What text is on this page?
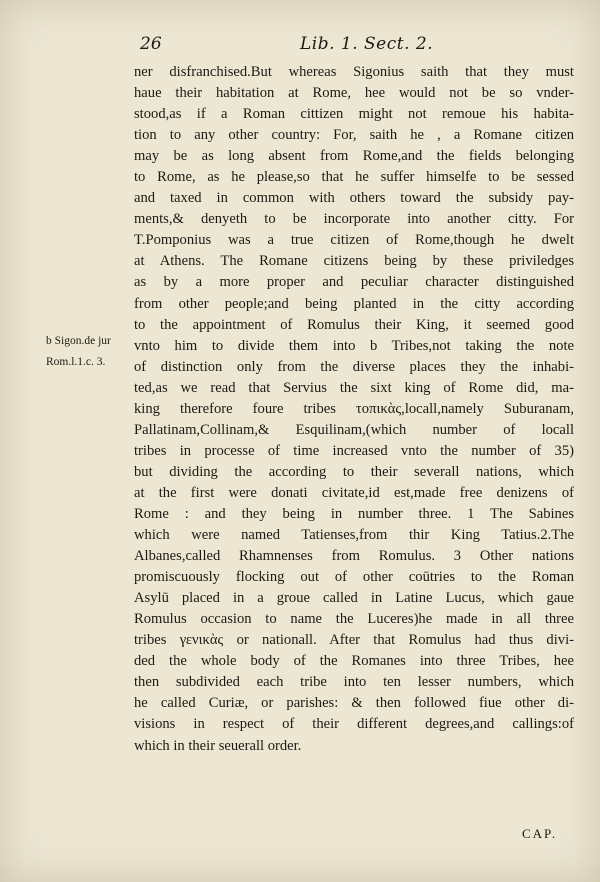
26	Lib. 1. Sect. 2.
ner disfranchised.But whereas Sigonius saith that they must
haue their habitation at Rome, hee would not be so vnder-
stood,as if a Roman cittizen might not remoue his habita-
tion to any other country: For, saith he , a Romane citizen
may be as long absent from Rome,and the fields belonging
to Rome, as he please,so that he suffer himselfe to be sessed
and taxed in common with others toward the subsidy pay-
ments,& denyeth to be incorporate into another citty. For
T.Pomponius was a true citizen of Rome,though he dwelt
at Athens. The Romane citizens being by these priviledges
as by a more proper and peculiar character distinguished
from other people;and being planted in the citty according
to the appointment of Romulus their King, it seemed good
vnto him to divide them into b Tribes,not taking the note
of distinction only from the diverse places they the inhabi-
ted,as we read that Servius the sixt king of Rome did, ma-
king therefore foure tribes τοπικὰς,locall,namely Suburanam,
Pallatinam,Collinam,& Esquilinam,(which number of locall
tribes in processe of time increased vnto the number of 35)
but dividing the according to their severall nations, which
at the first were donati civitate,id est,made free denizens of
Rome : and they being in number three. 1 The Sabines
which were named Tatienses,from thir King Tatius.2.The
Albanes,called Rhamnenses from Romulus. 3 Other nations
promiscuously flocking out of other coūtries to the Roman
Asylū placed in a groue called in Latine Lucus, which gaue
Romulus occasion to name the Luceres)he made in all three
tribes γενικὰς or nationall. After that Romulus had thus divi-
ded the whole body of the Romanes into three Tribes, hee
then subdivided each tribe into ten lesser numbers, which
he called Curiæ, or parishes: & then followed fiue other di-
visions in respect of their different degrees,and callings:of
which in their seuerall order.
b Sigon.de jur
Rom.l.1.c. 3.
CAP.
